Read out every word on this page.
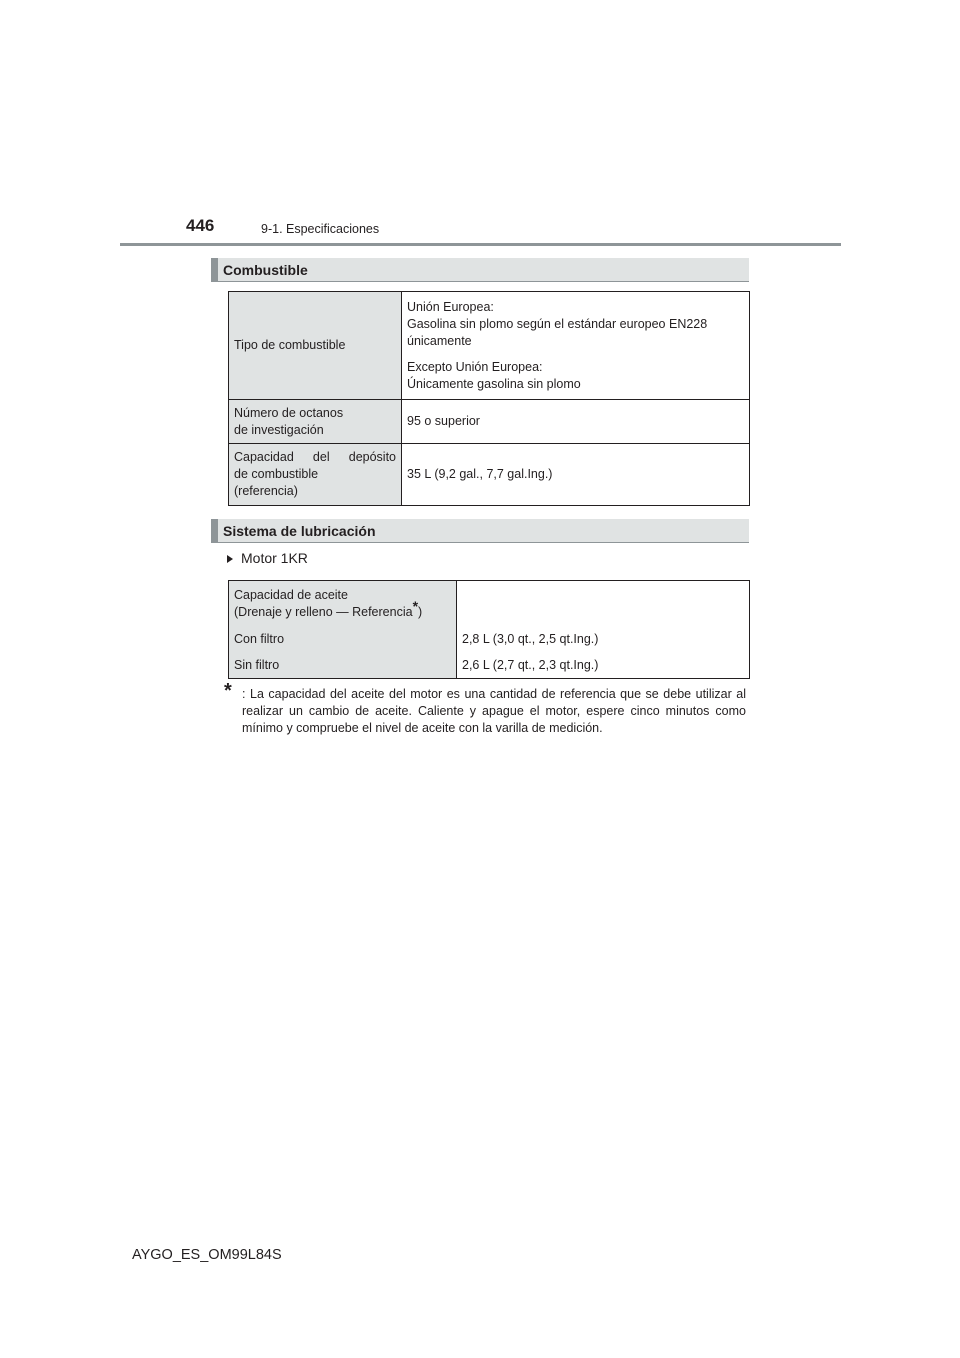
446	9-1. Especificaciones
Combustible
Tipo de combustible	Unión Europea:

Gasolina sin plomo según el estándar europeo EN228 únicamente

Excepto Unión Europea:

Únicamente gasolina sin plomo

Número de octanos
de investigación	95 o superior

Capacidad del depósito
de combustible
(referencia)	35 L (9,2 gal., 7,7 gal.Ing.)
Sistema de lubricación
Motor 1KR
Capacidad de aceite
(Drenaje y relleno — Referencia*)	
Con filtro	2,8 L (3,0 qt., 2,5 qt.Ing.)
Sin filtro	2,6 L (2,7 qt., 2,3 qt.Ing.)
* : La capacidad del aceite del motor es una cantidad de referencia que se debe utilizar al realizar un cambio de aceite. Caliente y apague el motor, espere cinco minutos como mínimo y compruebe el nivel de aceite con la varilla de medición.
AYGO_ES_OM99L84S
